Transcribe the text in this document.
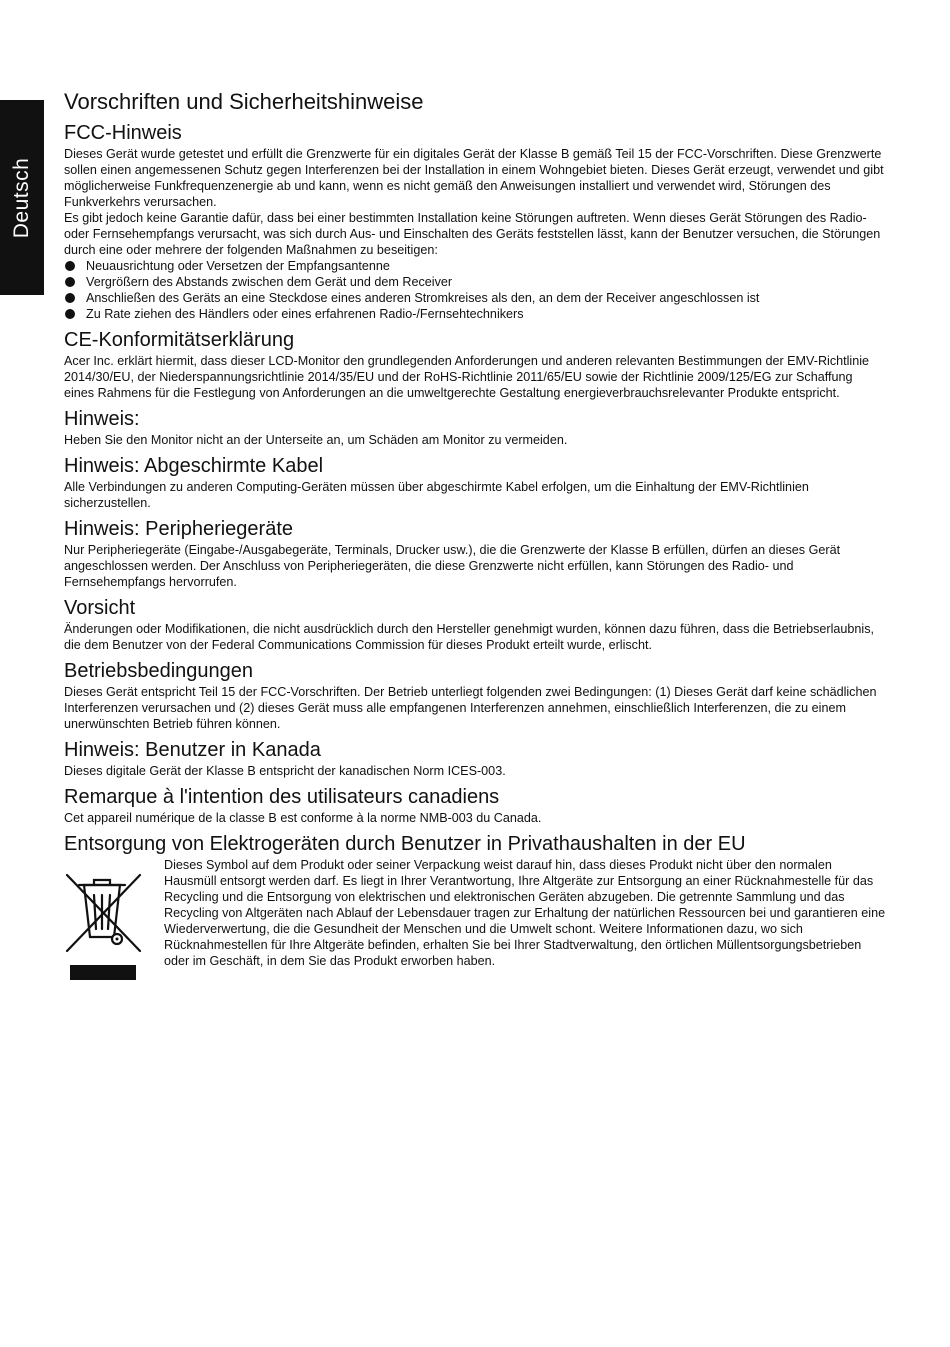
Deutsch
Vorschriften und Sicherheitshinweise
FCC-Hinweis

Dieses Gerät wurde getestet und erfüllt die Grenzwerte für ein digitales Gerät der Klasse B gemäß Teil 15 der FCC-Vorschriften. Diese Grenzwerte sollen einen angemessenen Schutz gegen Interferenzen bei der Installation in einem Wohngebiet bieten. Dieses Gerät erzeugt, verwendet und gibt möglicherweise Funkfrequenzenergie ab und kann, wenn es nicht gemäß den Anweisungen installiert und verwendet wird, Störungen des Funkverkehrs verursachen.

Es gibt jedoch keine Garantie dafür, dass bei einer bestimmten Installation keine Störungen auftreten. Wenn dieses Gerät Störungen des Radio- oder Fernsehempfangs verursacht, was sich durch Aus- und Einschalten des Geräts feststellen lässt, kann der Benutzer versuchen, die Störungen durch eine oder mehrere der folgenden Maßnahmen zu beseitigen:

Neuausrichtung oder Versetzen der Empfangsantenne
Vergrößern des Abstands zwischen dem Gerät und dem Receiver
Anschließen des Geräts an eine Steckdose eines anderen Stromkreises als den, an dem der Receiver angeschlossen ist
Zu Rate ziehen des Händlers oder eines erfahrenen Radio-/Fernsehtechnikers
CE-Konformitätserklärung

Acer Inc. erklärt hiermit, dass dieser LCD-Monitor den grundlegenden Anforderungen und anderen relevanten Bestimmungen der EMV-Richtlinie 2014/30/EU, der Niederspannungsrichtlinie 2014/35/EU und der RoHS-Richtlinie 2011/65/EU sowie der Richtlinie 2009/125/EG zur Schaffung eines Rahmens für die Festlegung von Anforderungen an die umweltgerechte Gestaltung energieverbrauchsrelevanter Produkte entspricht.

Hinweis:

Heben Sie den Monitor nicht an der Unterseite an, um Schäden am Monitor zu vermeiden.

Hinweis: Abgeschirmte Kabel

Alle Verbindungen zu anderen Computing-Geräten müssen über abgeschirmte Kabel erfolgen, um die Einhaltung der EMV-Richtlinien sicherzustellen.

Hinweis: Peripheriegeräte

Nur Peripheriegeräte (Eingabe-/Ausgabegeräte, Terminals, Drucker usw.), die die Grenzwerte der Klasse B erfüllen, dürfen an dieses Gerät angeschlossen werden. Der Anschluss von Peripheriegeräten, die diese Grenzwerte nicht erfüllen, kann Störungen des Radio- und Fernsehempfangs hervorrufen.

Vorsicht

Änderungen oder Modifikationen, die nicht ausdrücklich durch den Hersteller genehmigt wurden, können dazu führen, dass die Betriebserlaubnis, die dem Benutzer von der Federal Communications Commission für dieses Produkt erteilt wurde, erlischt.

Betriebsbedingungen

Dieses Gerät entspricht Teil 15 der FCC-Vorschriften. Der Betrieb unterliegt folgenden zwei Bedingungen: (1) Dieses Gerät darf keine schädlichen Interferenzen verursachen und (2) dieses Gerät muss alle empfangenen Interferenzen annehmen, einschließlich Interferenzen, die zu einem unerwünschten Betrieb führen können.

Hinweis: Benutzer in Kanada

Dieses digitale Gerät der Klasse B entspricht der kanadischen Norm ICES-003.

Remarque à l'intention des utilisateurs canadiens

Cet appareil numérique de la classe B est conforme à la norme NMB-003 du Canada.

Entsorgung von Elektrogeräten durch Benutzer in Privathaushalten in der EU

Dieses Symbol auf dem Produkt oder seiner Verpackung weist darauf hin, dass dieses Produkt nicht über den normalen Hausmüll entsorgt werden darf. Es liegt in Ihrer Verantwortung, Ihre Altgeräte zur Entsorgung an einer Rücknahmestelle für das Recycling und die Entsorgung von elektrischen und elektronischen Geräten abzugeben. Die getrennte Sammlung und das Recycling von Altgeräten nach Ablauf der Lebensdauer tragen zur Erhaltung der natürlichen Ressourcen bei und garantieren eine Wiederverwertung, die die Gesundheit der Menschen und die Umwelt schont. Weitere Informationen dazu, wo sich Rücknahmestellen für Ihre Altgeräte befinden, erhalten Sie bei Ihrer Stadtverwaltung, den örtlichen Müllentsorgungsbetrieben oder im Geschäft, in dem Sie das Produkt erworben haben.
